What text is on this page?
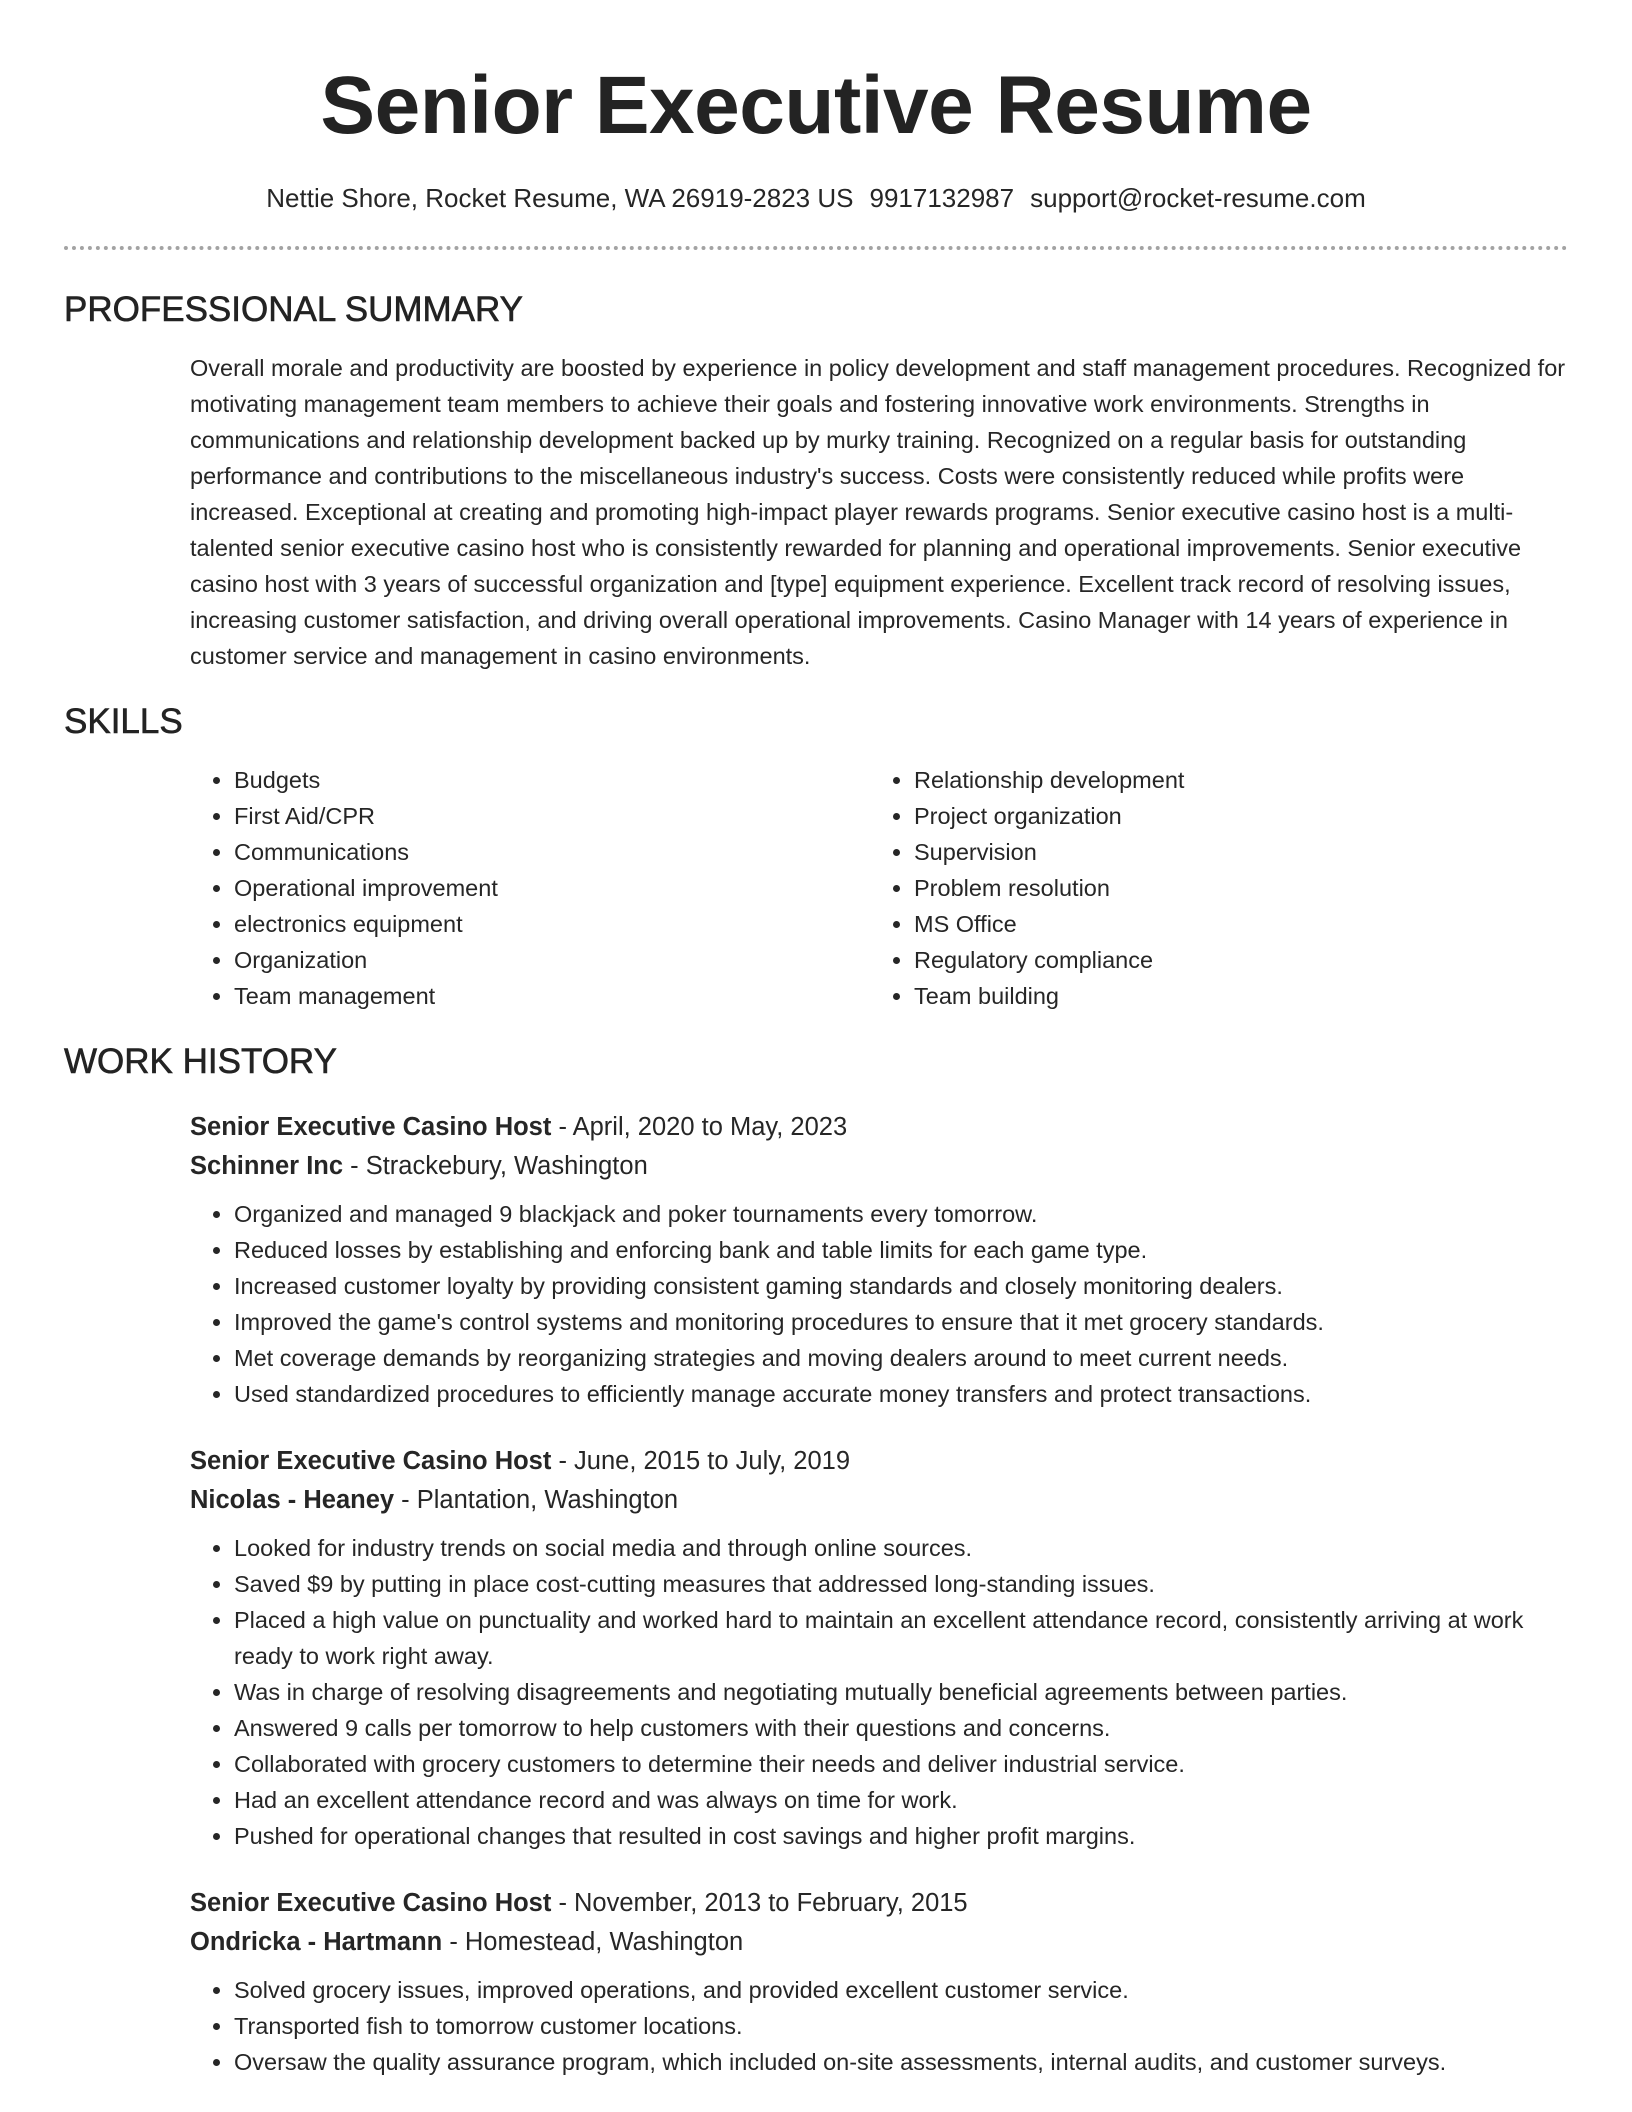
Senior Executive Resume
Nettie Shore, Rocket Resume, WA 26919-2823 US 9917132987 support@rocket-resume.com
PROFESSIONAL SUMMARY

Overall morale and productivity are boosted by experience in policy development and staff management procedures. Recognized for motivating management team members to achieve their goals and fostering innovative work environments. Strengths in communications and relationship development backed up by murky training. Recognized on a regular basis for outstanding performance and contributions to the miscellaneous industry's success. Costs were consistently reduced while profits were increased. Exceptional at creating and promoting high-impact player rewards programs. Senior executive casino host is a multi-talented senior executive casino host who is consistently rewarded for planning and operational improvements. Senior executive casino host with 3 years of successful organization and [type] equipment experience. Excellent track record of resolving issues, increasing customer satisfaction, and driving overall operational improvements. Casino Manager with 14 years of experience in customer service and management in casino environments.

SKILLS
• Budgets
• First Aid/CPR
• Communications
• Operational improvement
• electronics equipment
• Organization
• Team management
• Relationship development
• Project organization
• Supervision
• Problem resolution
• MS Office
• Regulatory compliance
• Team building
WORK HISTORY
Senior Executive Casino Host - April, 2020 to May, 2023
Schinner Inc - Strackebury, Washington
• Organized and managed 9 blackjack and poker tournaments every tomorrow.
• Reduced losses by establishing and enforcing bank and table limits for each game type.
• Increased customer loyalty by providing consistent gaming standards and closely monitoring dealers.
• Improved the game's control systems and monitoring procedures to ensure that it met grocery standards.
• Met coverage demands by reorganizing strategies and moving dealers around to meet current needs.
• Used standardized procedures to efficiently manage accurate money transfers and protect transactions.
Senior Executive Casino Host - June, 2015 to July, 2019
Nicolas - Heaney - Plantation, Washington
• Looked for industry trends on social media and through online sources.
• Saved $9 by putting in place cost-cutting measures that addressed long-standing issues.
• Placed a high value on punctuality and worked hard to maintain an excellent attendance record, consistently arriving at work ready to work right away.
• Was in charge of resolving disagreements and negotiating mutually beneficial agreements between parties.
• Answered 9 calls per tomorrow to help customers with their questions and concerns.
• Collaborated with grocery customers to determine their needs and deliver industrial service.
• Had an excellent attendance record and was always on time for work.
• Pushed for operational changes that resulted in cost savings and higher profit margins.
Senior Executive Casino Host - November, 2013 to February, 2015
Ondricka - Hartmann - Homestead, Washington
• Solved grocery issues, improved operations, and provided excellent customer service.
• Transported fish to tomorrow customer locations.
• Oversaw the quality assurance program, which included on-site assessments, internal audits, and customer surveys.
